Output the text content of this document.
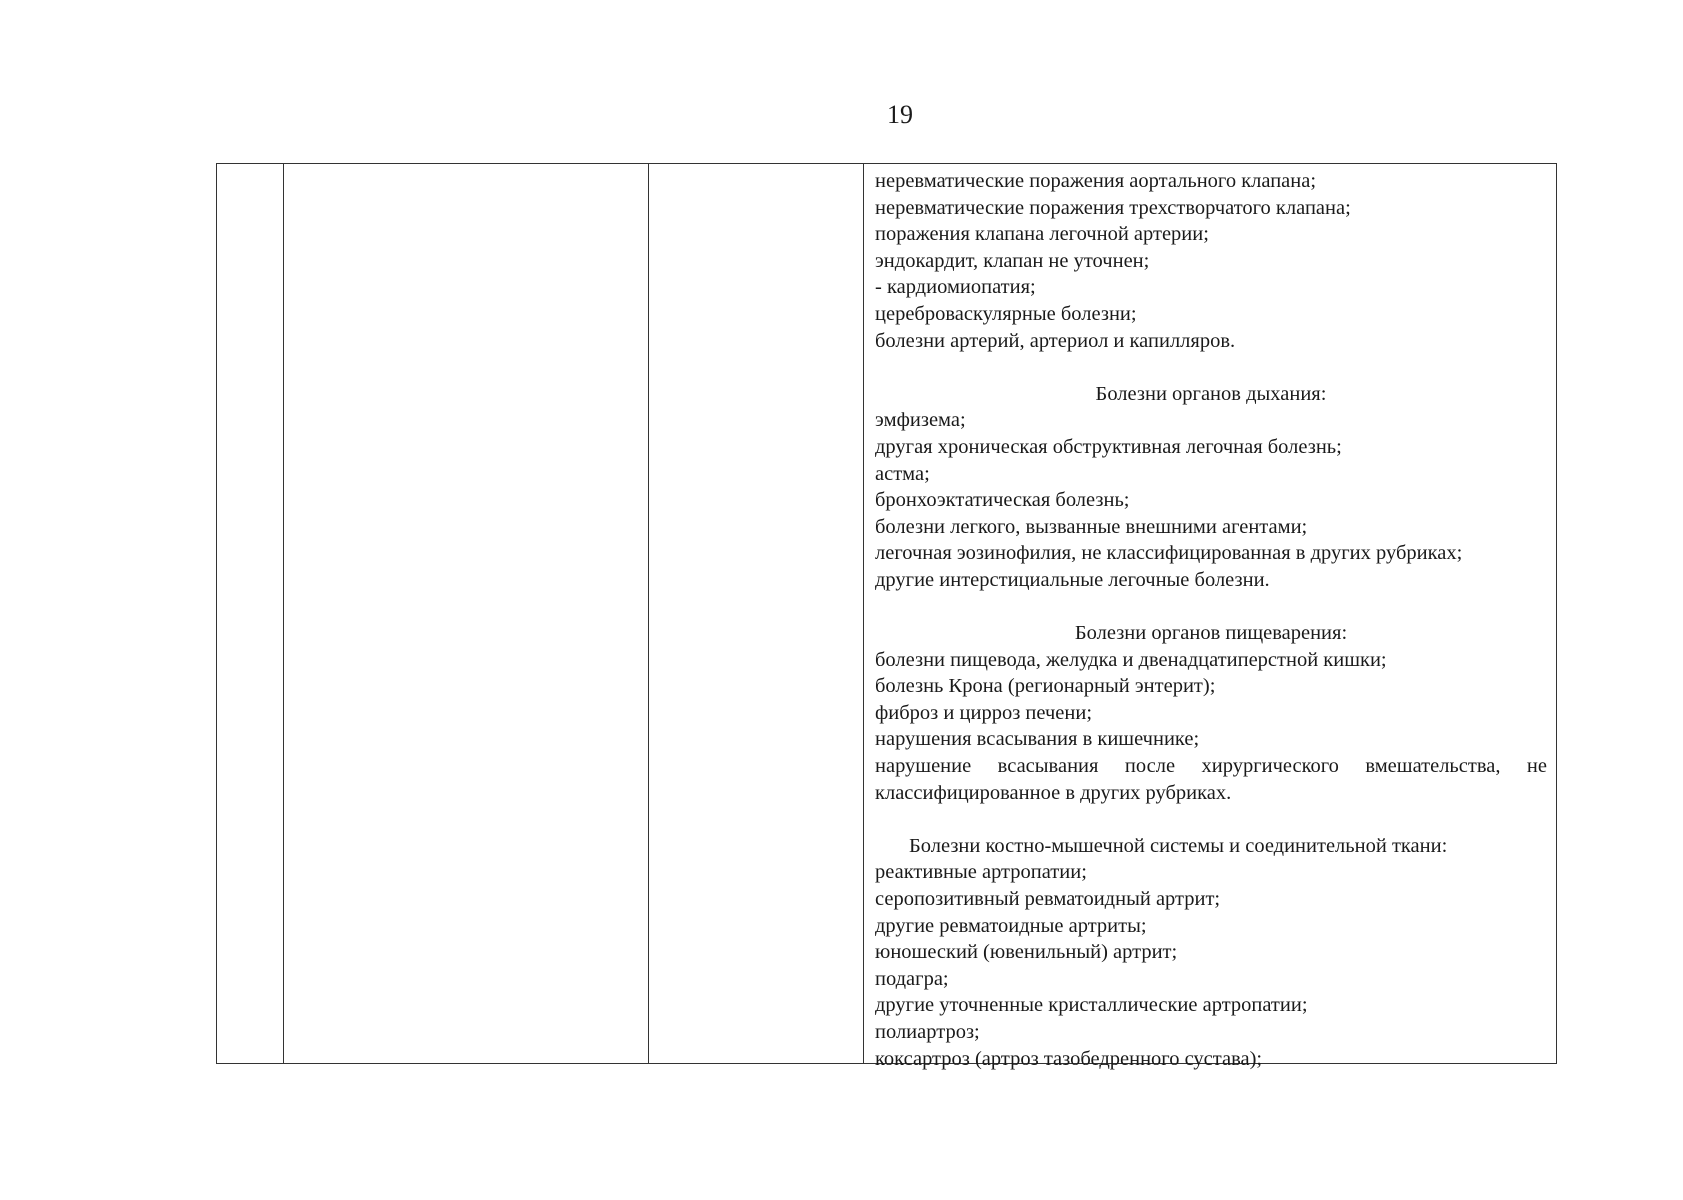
19
неревматические поражения аортального клапана;
неревматические поражения трехстворчатого клапана;
поражения клапана легочной артерии;
эндокардит, клапан не уточнен;
- кардиомиопатия;
цереброваскулярные болезни;
болезни артерий, артериол и капилляров.
Болезни органов дыхания:
эмфизема;
другая хроническая обструктивная легочная болезнь;
астма;
бронхоэктатическая болезнь;
болезни легкого, вызванные внешними агентами;
легочная эозинофилия, не классифицированная в других рубриках;
другие интерстициальные легочные болезни.
Болезни органов пищеварения:
болезни пищевода, желудка и двенадцатиперстной кишки;
болезнь Крона (регионарный энтерит);
фиброз и цирроз печени;
нарушения всасывания в кишечнике;
нарушение всасывания после хирургического вмешательства, не
классифицированное в других рубриках.
Болезни костно-мышечной системы и соединительной ткани:
реактивные артропатии;
серопозитивный ревматоидный артрит;
другие ревматоидные артриты;
юношеский (ювенильный) артрит;
подагра;
другие уточненные кристаллические артропатии;
полиартроз;
коксартроз (артроз тазобедренного сустава);
